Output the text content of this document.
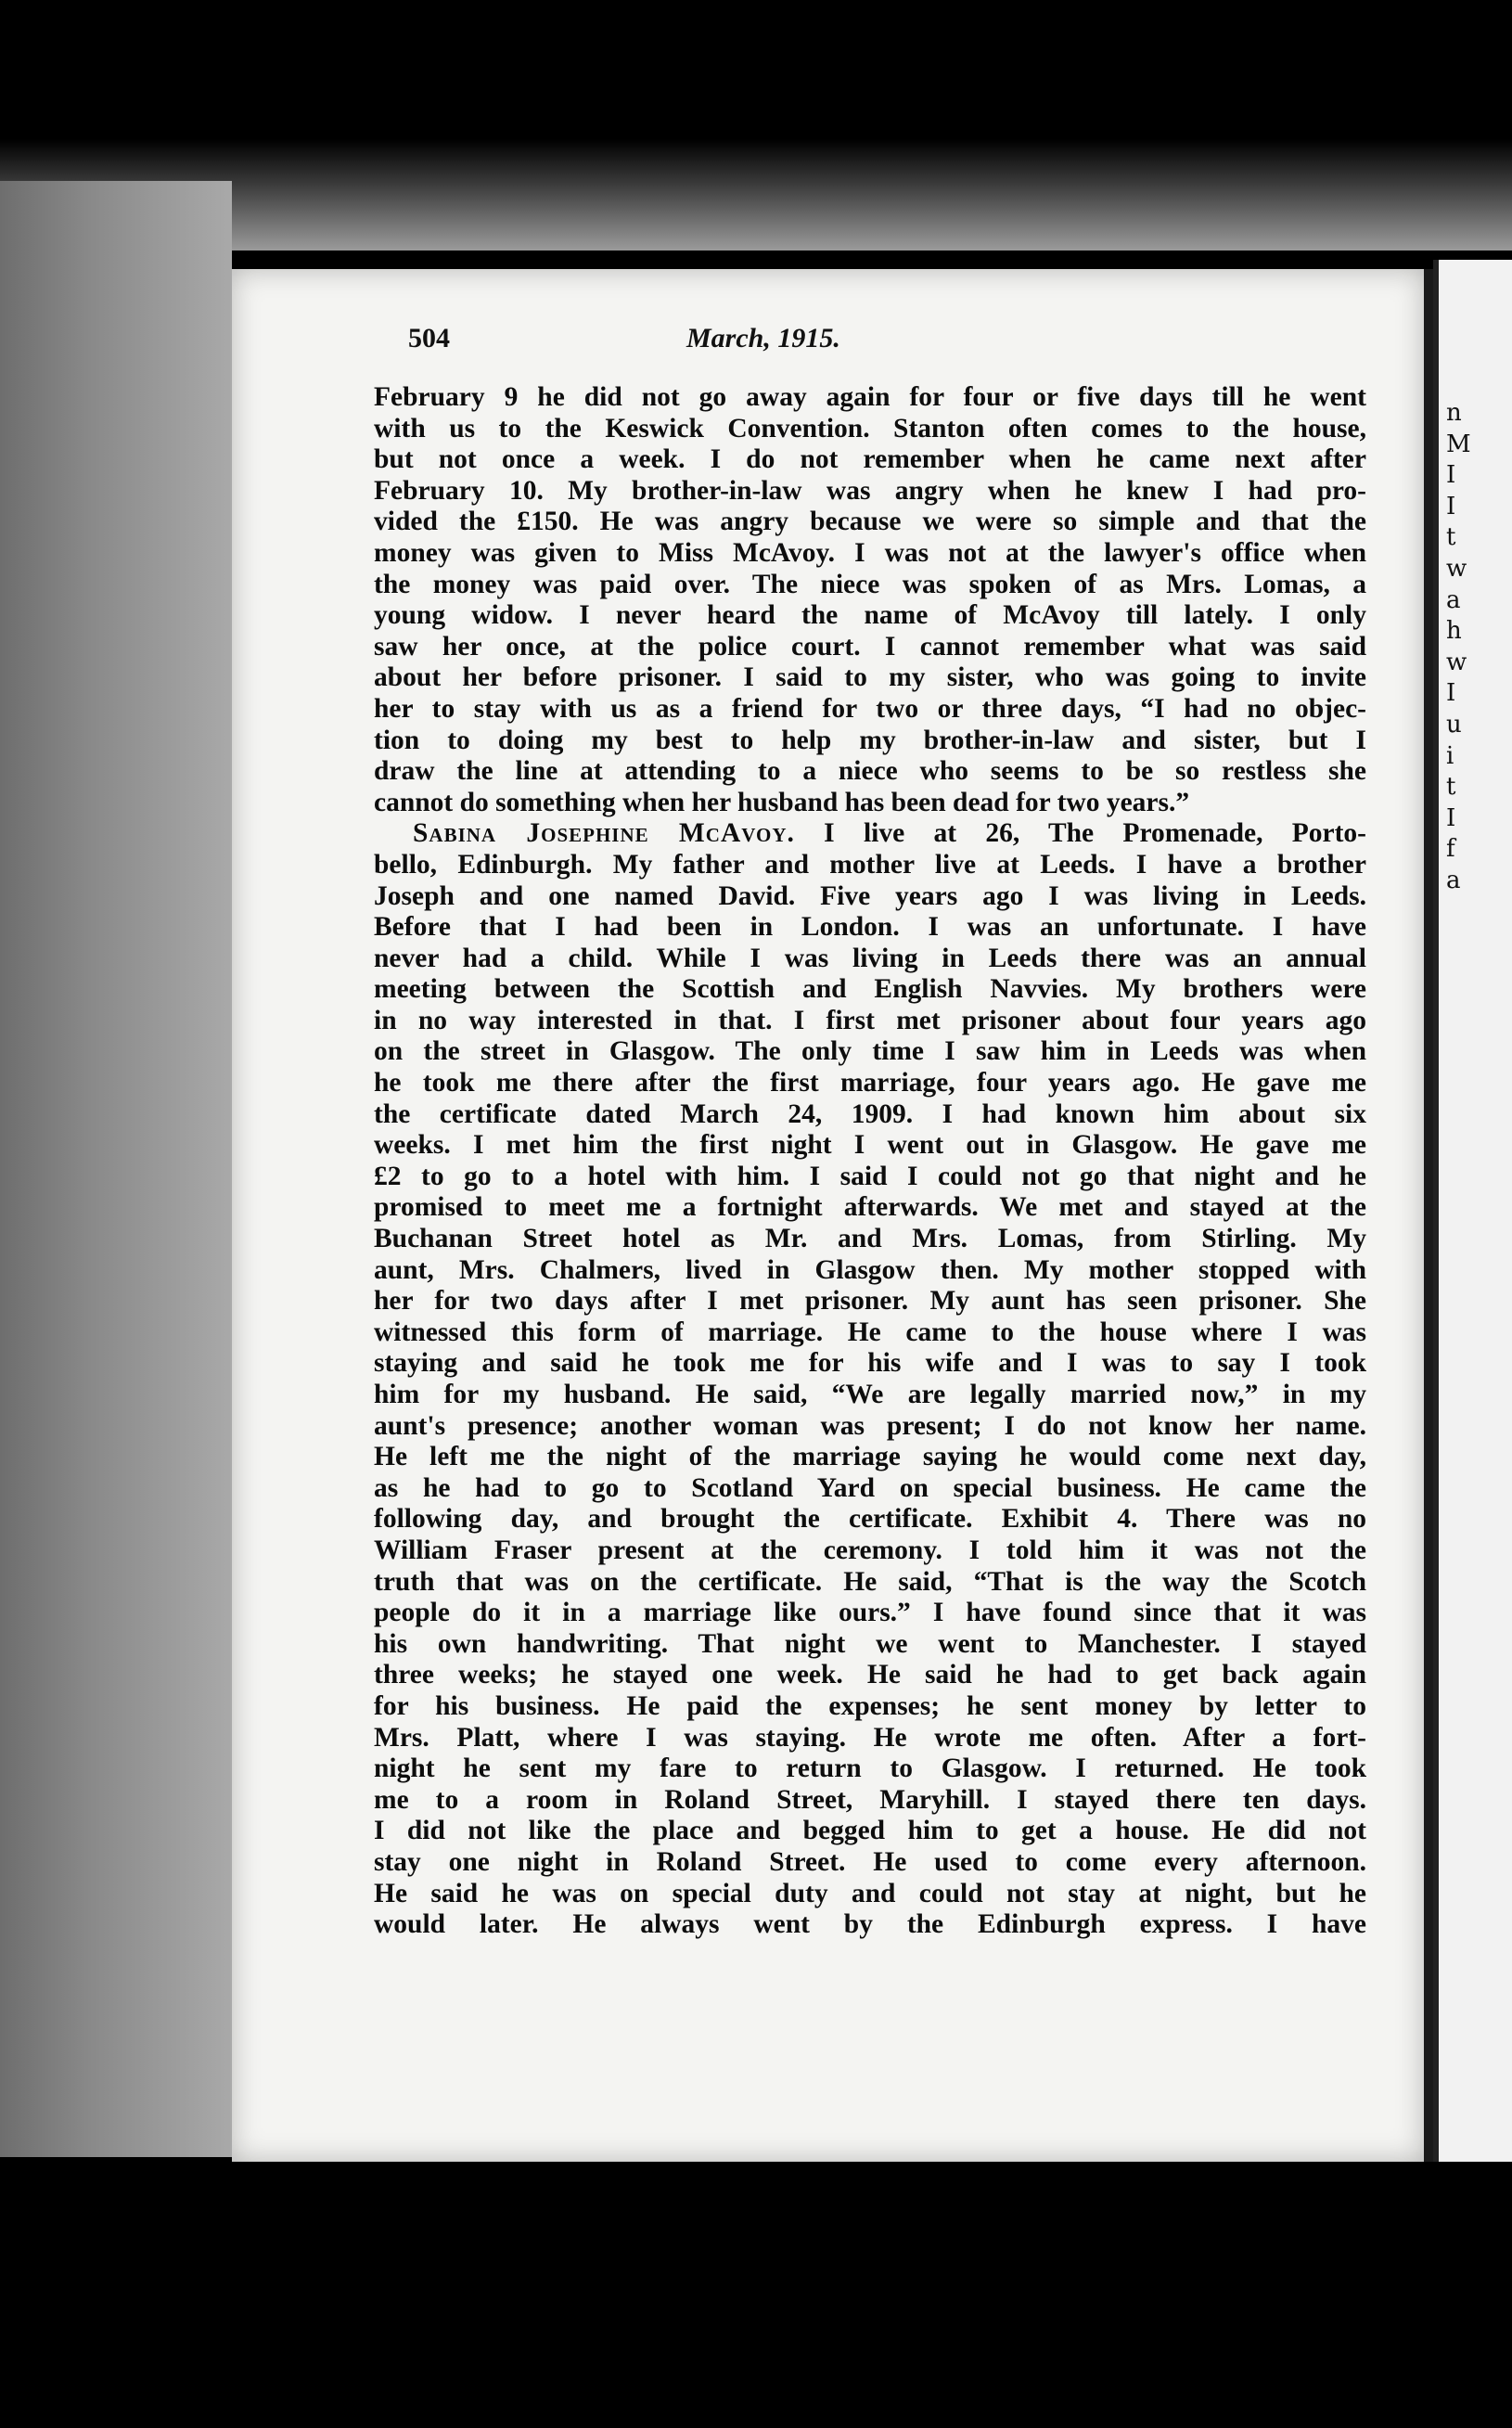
n
M
I
I
t
w
a
h
w
I
u
i
t
I
f
a
504	March, 1915.
February 9 he did not go away again for four or five days till he went
with us to the Keswick Convention. Stanton often comes to the house,
but not once a week. I do not remember when he came next after
February 10. My brother-in-law was angry when he knew I had pro-
vided the £150. He was angry because we were so simple and that the
money was given to Miss McAvoy. I was not at the lawyer's office when
the money was paid over. The niece was spoken of as Mrs. Lomas, a
young widow. I never heard the name of McAvoy till lately. I only
saw her once, at the police court. I cannot remember what was said
about her before prisoner. I said to my sister, who was going to invite
her to stay with us as a friend for two or three days, “I had no objec-
tion to doing my best to help my brother-in-law and sister, but I
draw the line at attending to a niece who seems to be so restless she
cannot do something when her husband has been dead for two years.”
Sabina Josephine McAvoy. I live at 26, The Promenade, Porto-
bello, Edinburgh. My father and mother live at Leeds. I have a brother
Joseph and one named David. Five years ago I was living in Leeds.
Before that I had been in London. I was an unfortunate. I have
never had a child. While I was living in Leeds there was an annual
meeting between the Scottish and English Navvies. My brothers were
in no way interested in that. I first met prisoner about four years ago
on the street in Glasgow. The only time I saw him in Leeds was when
he took me there after the first marriage, four years ago. He gave me
the certificate dated March 24, 1909. I had known him about six
weeks. I met him the first night I went out in Glasgow. He gave me
£2 to go to a hotel with him. I said I could not go that night and he
promised to meet me a fortnight afterwards. We met and stayed at the
Buchanan Street hotel as Mr. and Mrs. Lomas, from Stirling. My
aunt, Mrs. Chalmers, lived in Glasgow then. My mother stopped with
her for two days after I met prisoner. My aunt has seen prisoner. She
witnessed this form of marriage. He came to the house where I was
staying and said he took me for his wife and I was to say I took
him for my husband. He said, “We are legally married now,” in my
aunt's presence; another woman was present; I do not know her name.
He left me the night of the marriage saying he would come next day,
as he had to go to Scotland Yard on special business. He came the
following day, and brought the certificate. Exhibit 4. There was no
William Fraser present at the ceremony. I told him it was not the
truth that was on the certificate. He said, “That is the way the Scotch
people do it in a marriage like ours.” I have found since that it was
his own handwriting. That night we went to Manchester. I stayed
three weeks; he stayed one week. He said he had to get back again
for his business. He paid the expenses; he sent money by letter to
Mrs. Platt, where I was staying. He wrote me often. After a fort-
night he sent my fare to return to Glasgow. I returned. He took
me to a room in Roland Street, Maryhill. I stayed there ten days.
I did not like the place and begged him to get a house. He did not
stay one night in Roland Street. He used to come every afternoon.
He said he was on special duty and could not stay at night, but he
would later. He always went by the Edinburgh express. I have
